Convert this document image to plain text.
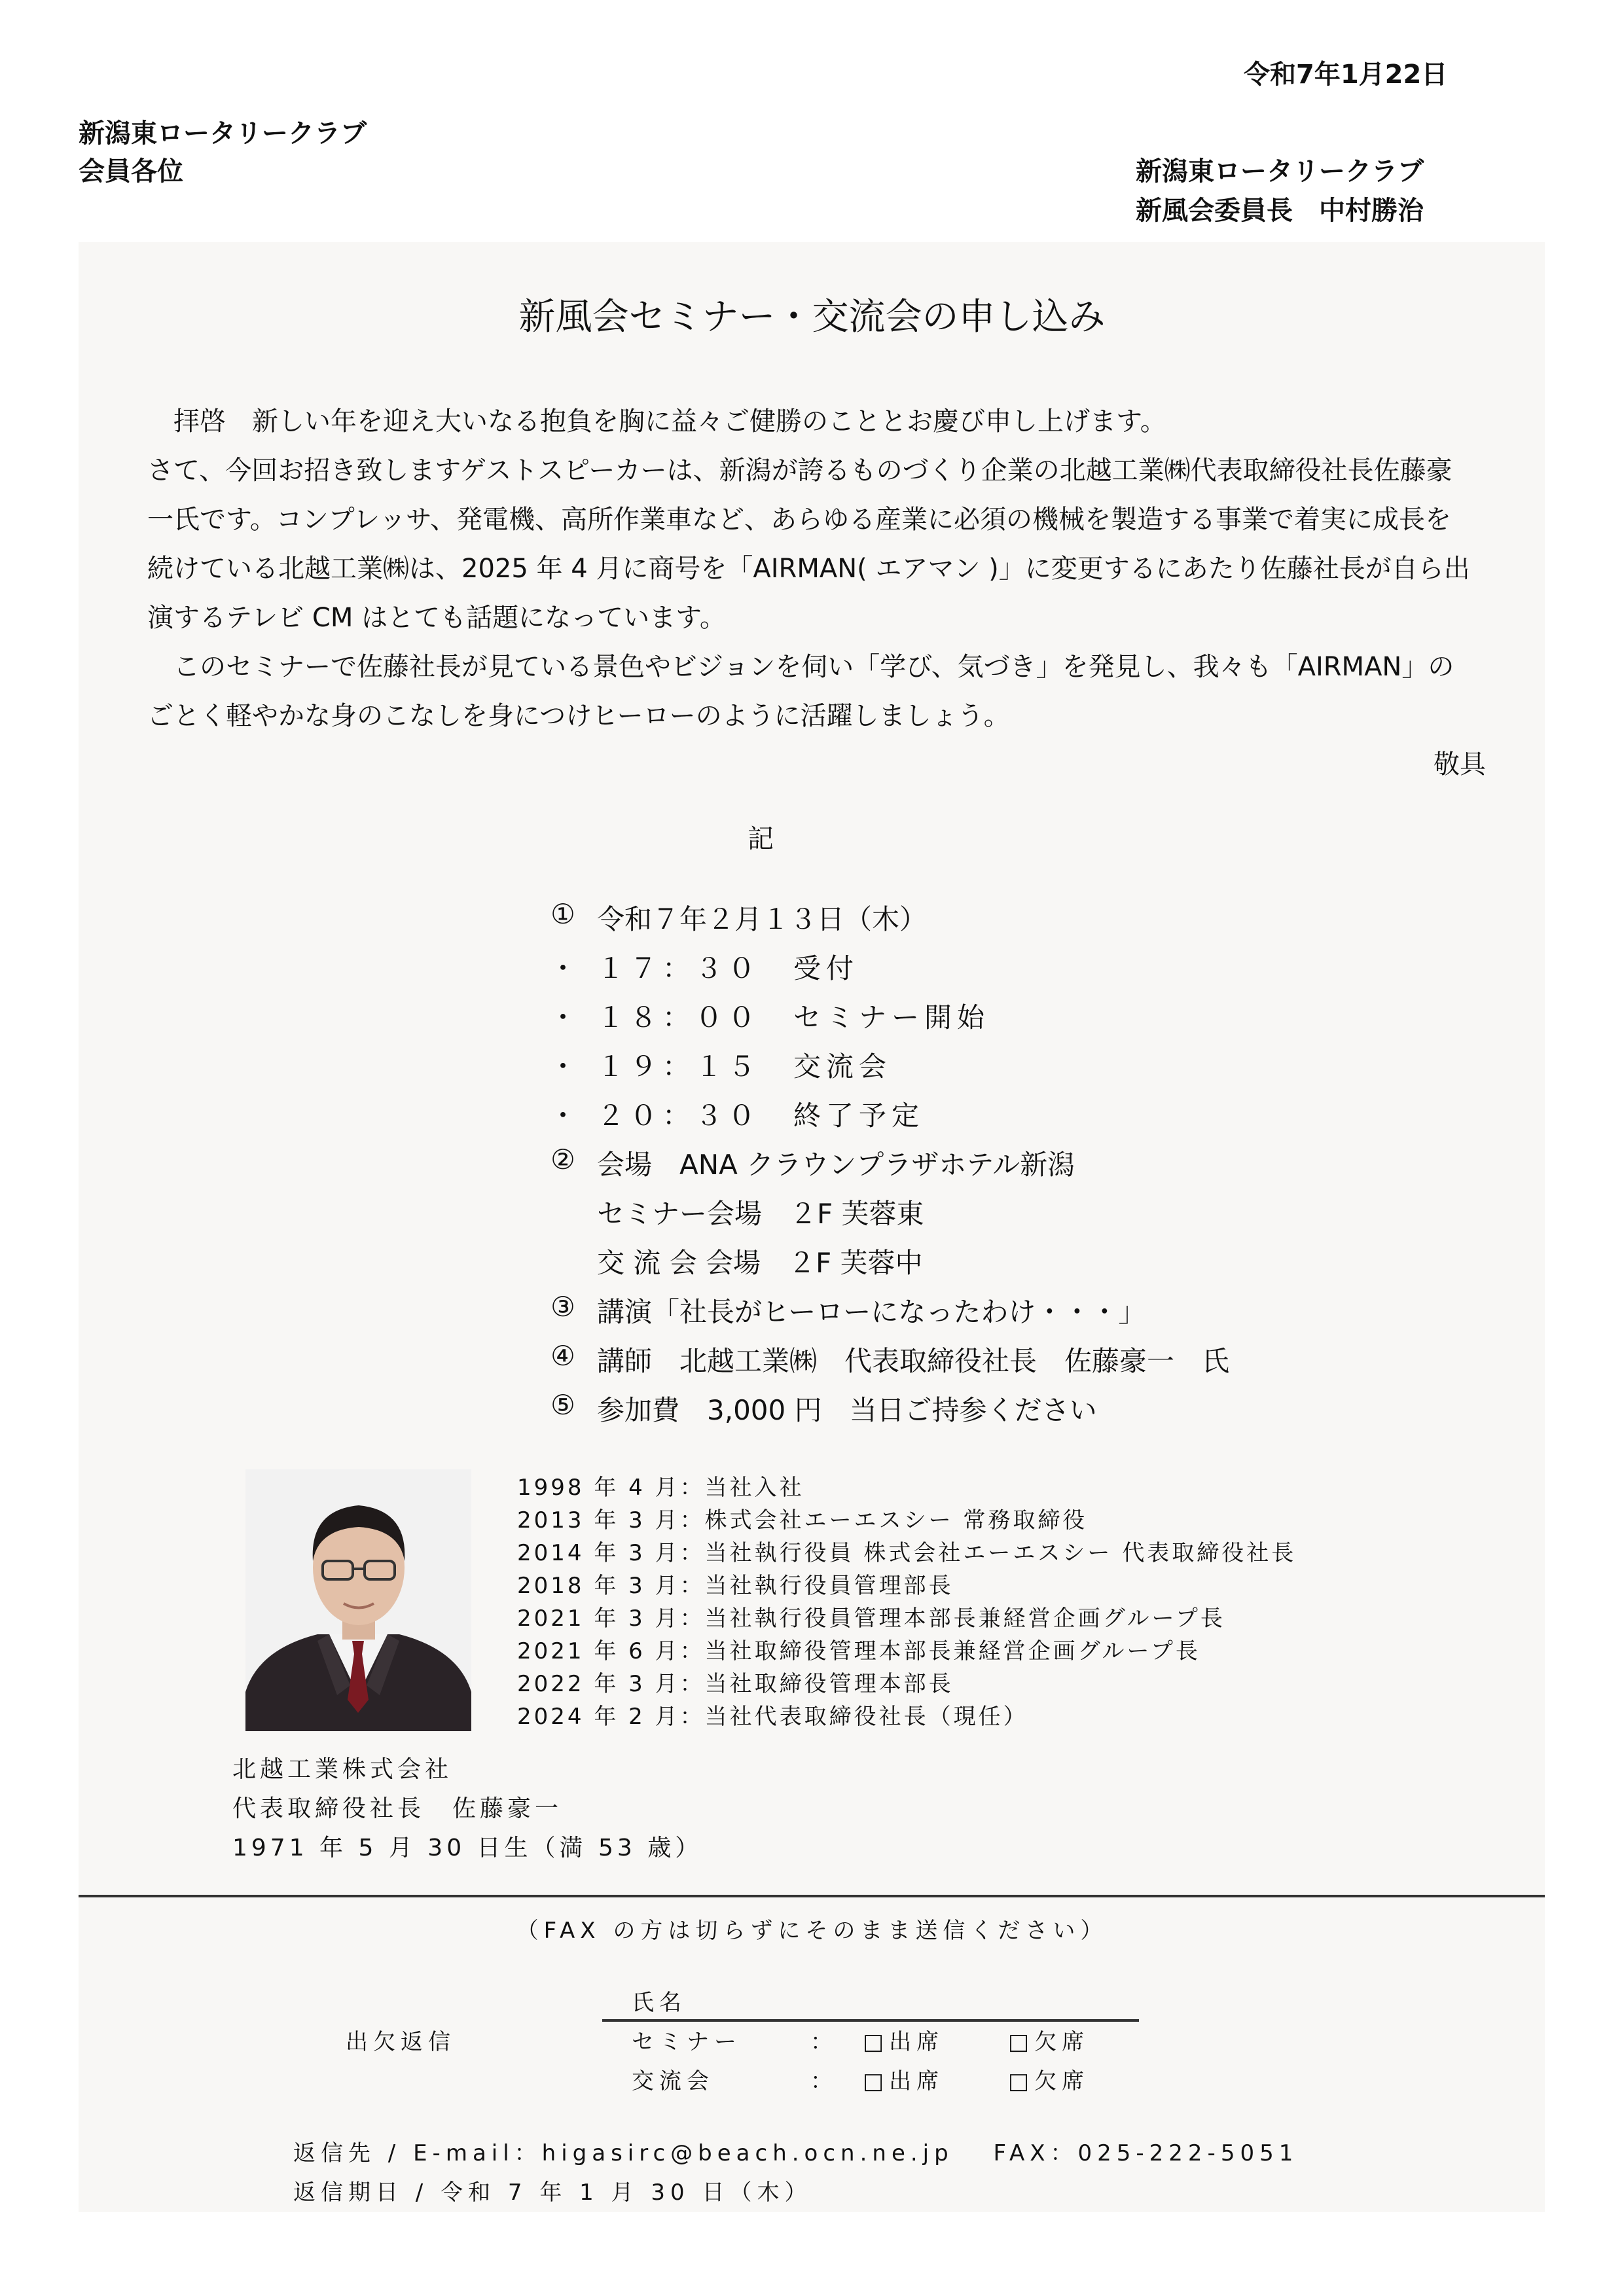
令和7年1月22日
新潟東ロータリークラブ
会員各位	新潟東ロータリークラブ
新風会委員長　中村勝治
新風会セミナー・交流会の申し込み
　拝啓　新しい年を迎え大いなる抱負を胸に益々ご健勝のこととお慶び申し上げます。
さて、今回お招き致しますゲストスピーカーは、新潟が誇るものづくり企業の北越工業㈱代表取締役社長佐藤豪
一氏です。コンプレッサ、発電機、高所作業車など、あらゆる産業に必須の機械を製造する事業で着実に成長を
続けている北越工業㈱は、2025 年 4 月に商号を「AIRMAN( エアマン )」に変更するにあたり佐藤社長が自ら出
演するテレビ CM はとても話題になっています。
　このセミナーで佐藤社長が見ている景色やビジョンを伺い「学び、気づき」を発見し、我々も「AIRMAN」の
ごとく軽やかな身のこなしを身につけヒーローのように活躍しましょう。
敬具
記
① 令和７年２月１３日（木）
・ １７：３０　受付
・ １８：００　セミナー開始
・ １９：１５　交流会
・ ２０：３０　終了予定
② 会場　ANA クラウンプラザホテル新潟
セミナー会場　２F 芙蓉東
交 流 会 会場　２F 芙蓉中
③ 講演「社長がヒーローになったわけ・・・」
④ 講師　北越工業㈱　代表取締役社長　佐藤豪一　氏
⑤ 参加費　3,000 円　当日ご持参ください
1998 年 4 月：当社入社
2013 年 3 月：株式会社エーエスシー 常務取締役
2014 年 3 月：当社執行役員 株式会社エーエスシー 代表取締役社長
2018 年 3 月：当社執行役員管理部長
2021 年 3 月：当社執行役員管理本部長兼経営企画グループ長
2021 年 6 月：当社取締役管理本部長兼経営企画グループ長
2022 年 3 月：当社取締役管理本部長
2024 年 2 月：当社代表取締役社長（現任）
北越工業株式会社
代表取締役社長　佐藤豪一
1971 年 5 月 30 日生（満 53 歳）
（FAX の方は切らずにそのまま送信ください）
出欠返信
氏名
セミナー	： □出席	□欠席
交流会	： □出席	□欠席
返信先 / E-mail：higasirc@beach.ocn.ne.jp　 FAX：025-222-5051
返信期日 / 令和 7 年 1 月 30 日（木）
